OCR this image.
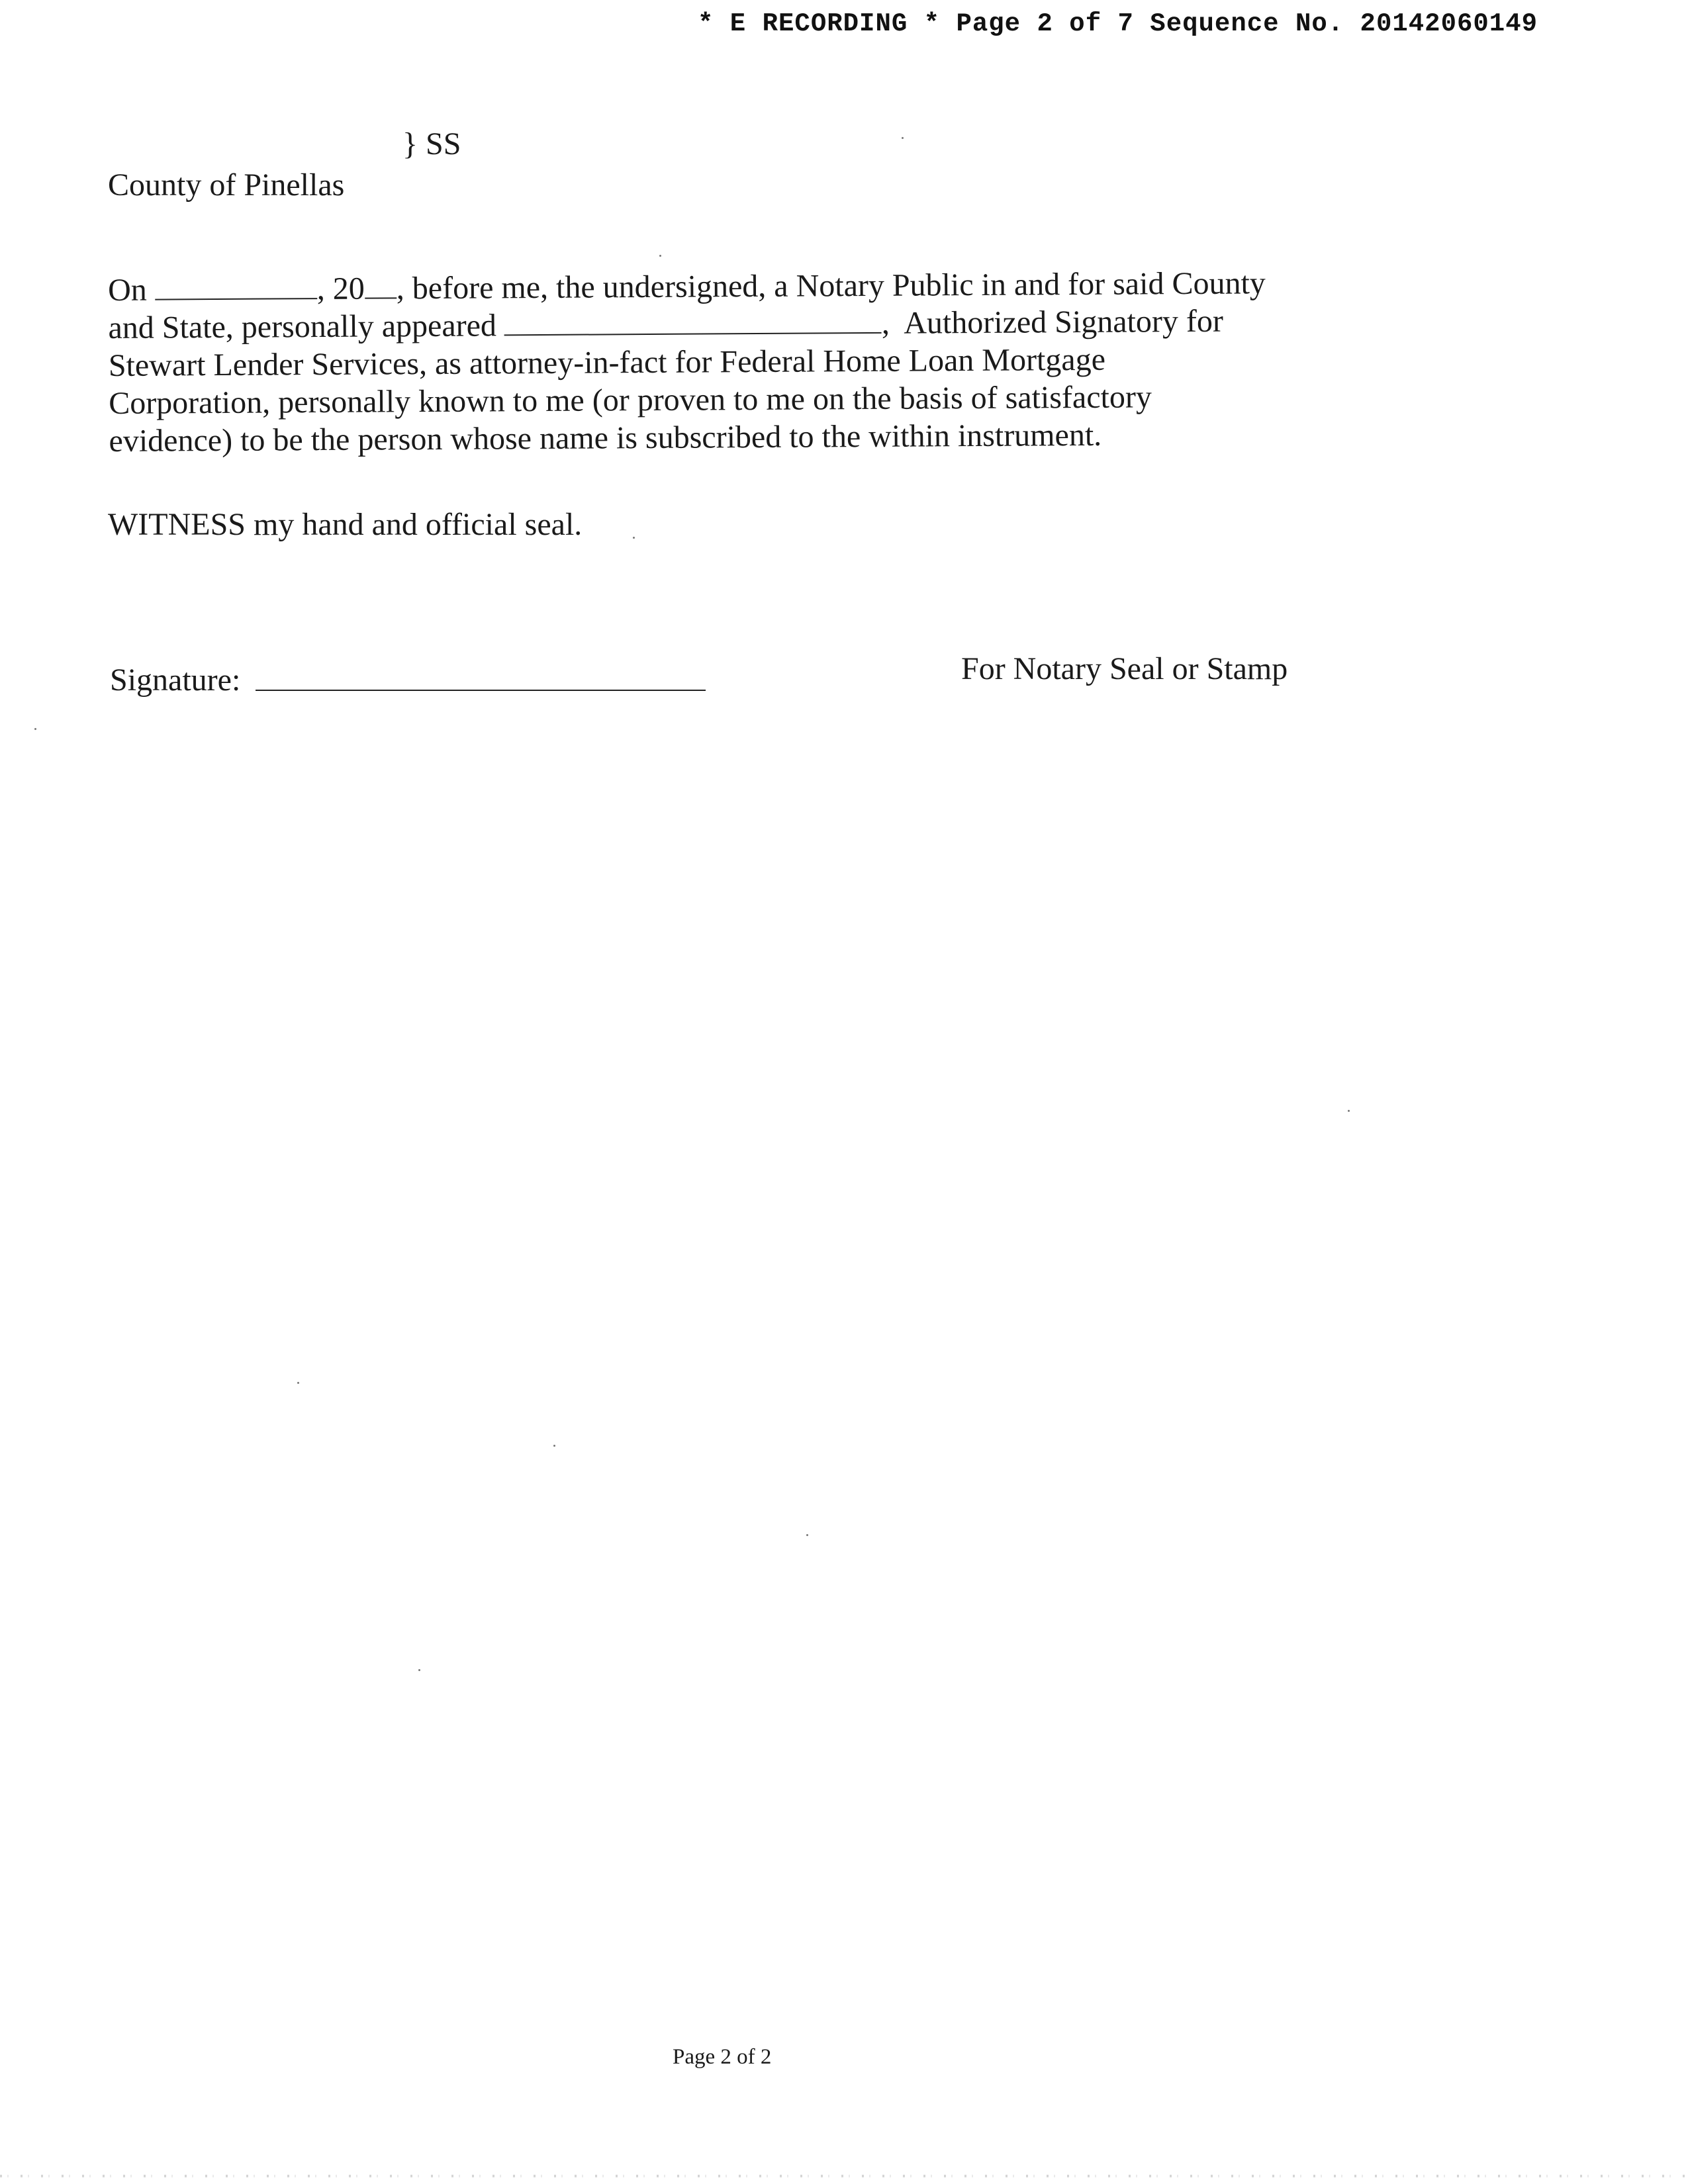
* E RECORDING * Page 2 of 7 Sequence No. 20142060149
} SS
County of Pinellas
On	, 20 , before me, the undersigned, a Notary Public in and for said County
and State, personally appeared	,  Authorized Signatory for
Stewart Lender Services, as attorney-in-fact for Federal Home Loan Mortgage
Corporation, personally known to me (or proven to me on the basis of satisfactory
evidence) to be the person whose name is subscribed to the within instrument.
WITNESS my hand and official seal.
Signature:	For Notary Seal or Stamp
Page 2 of 2
